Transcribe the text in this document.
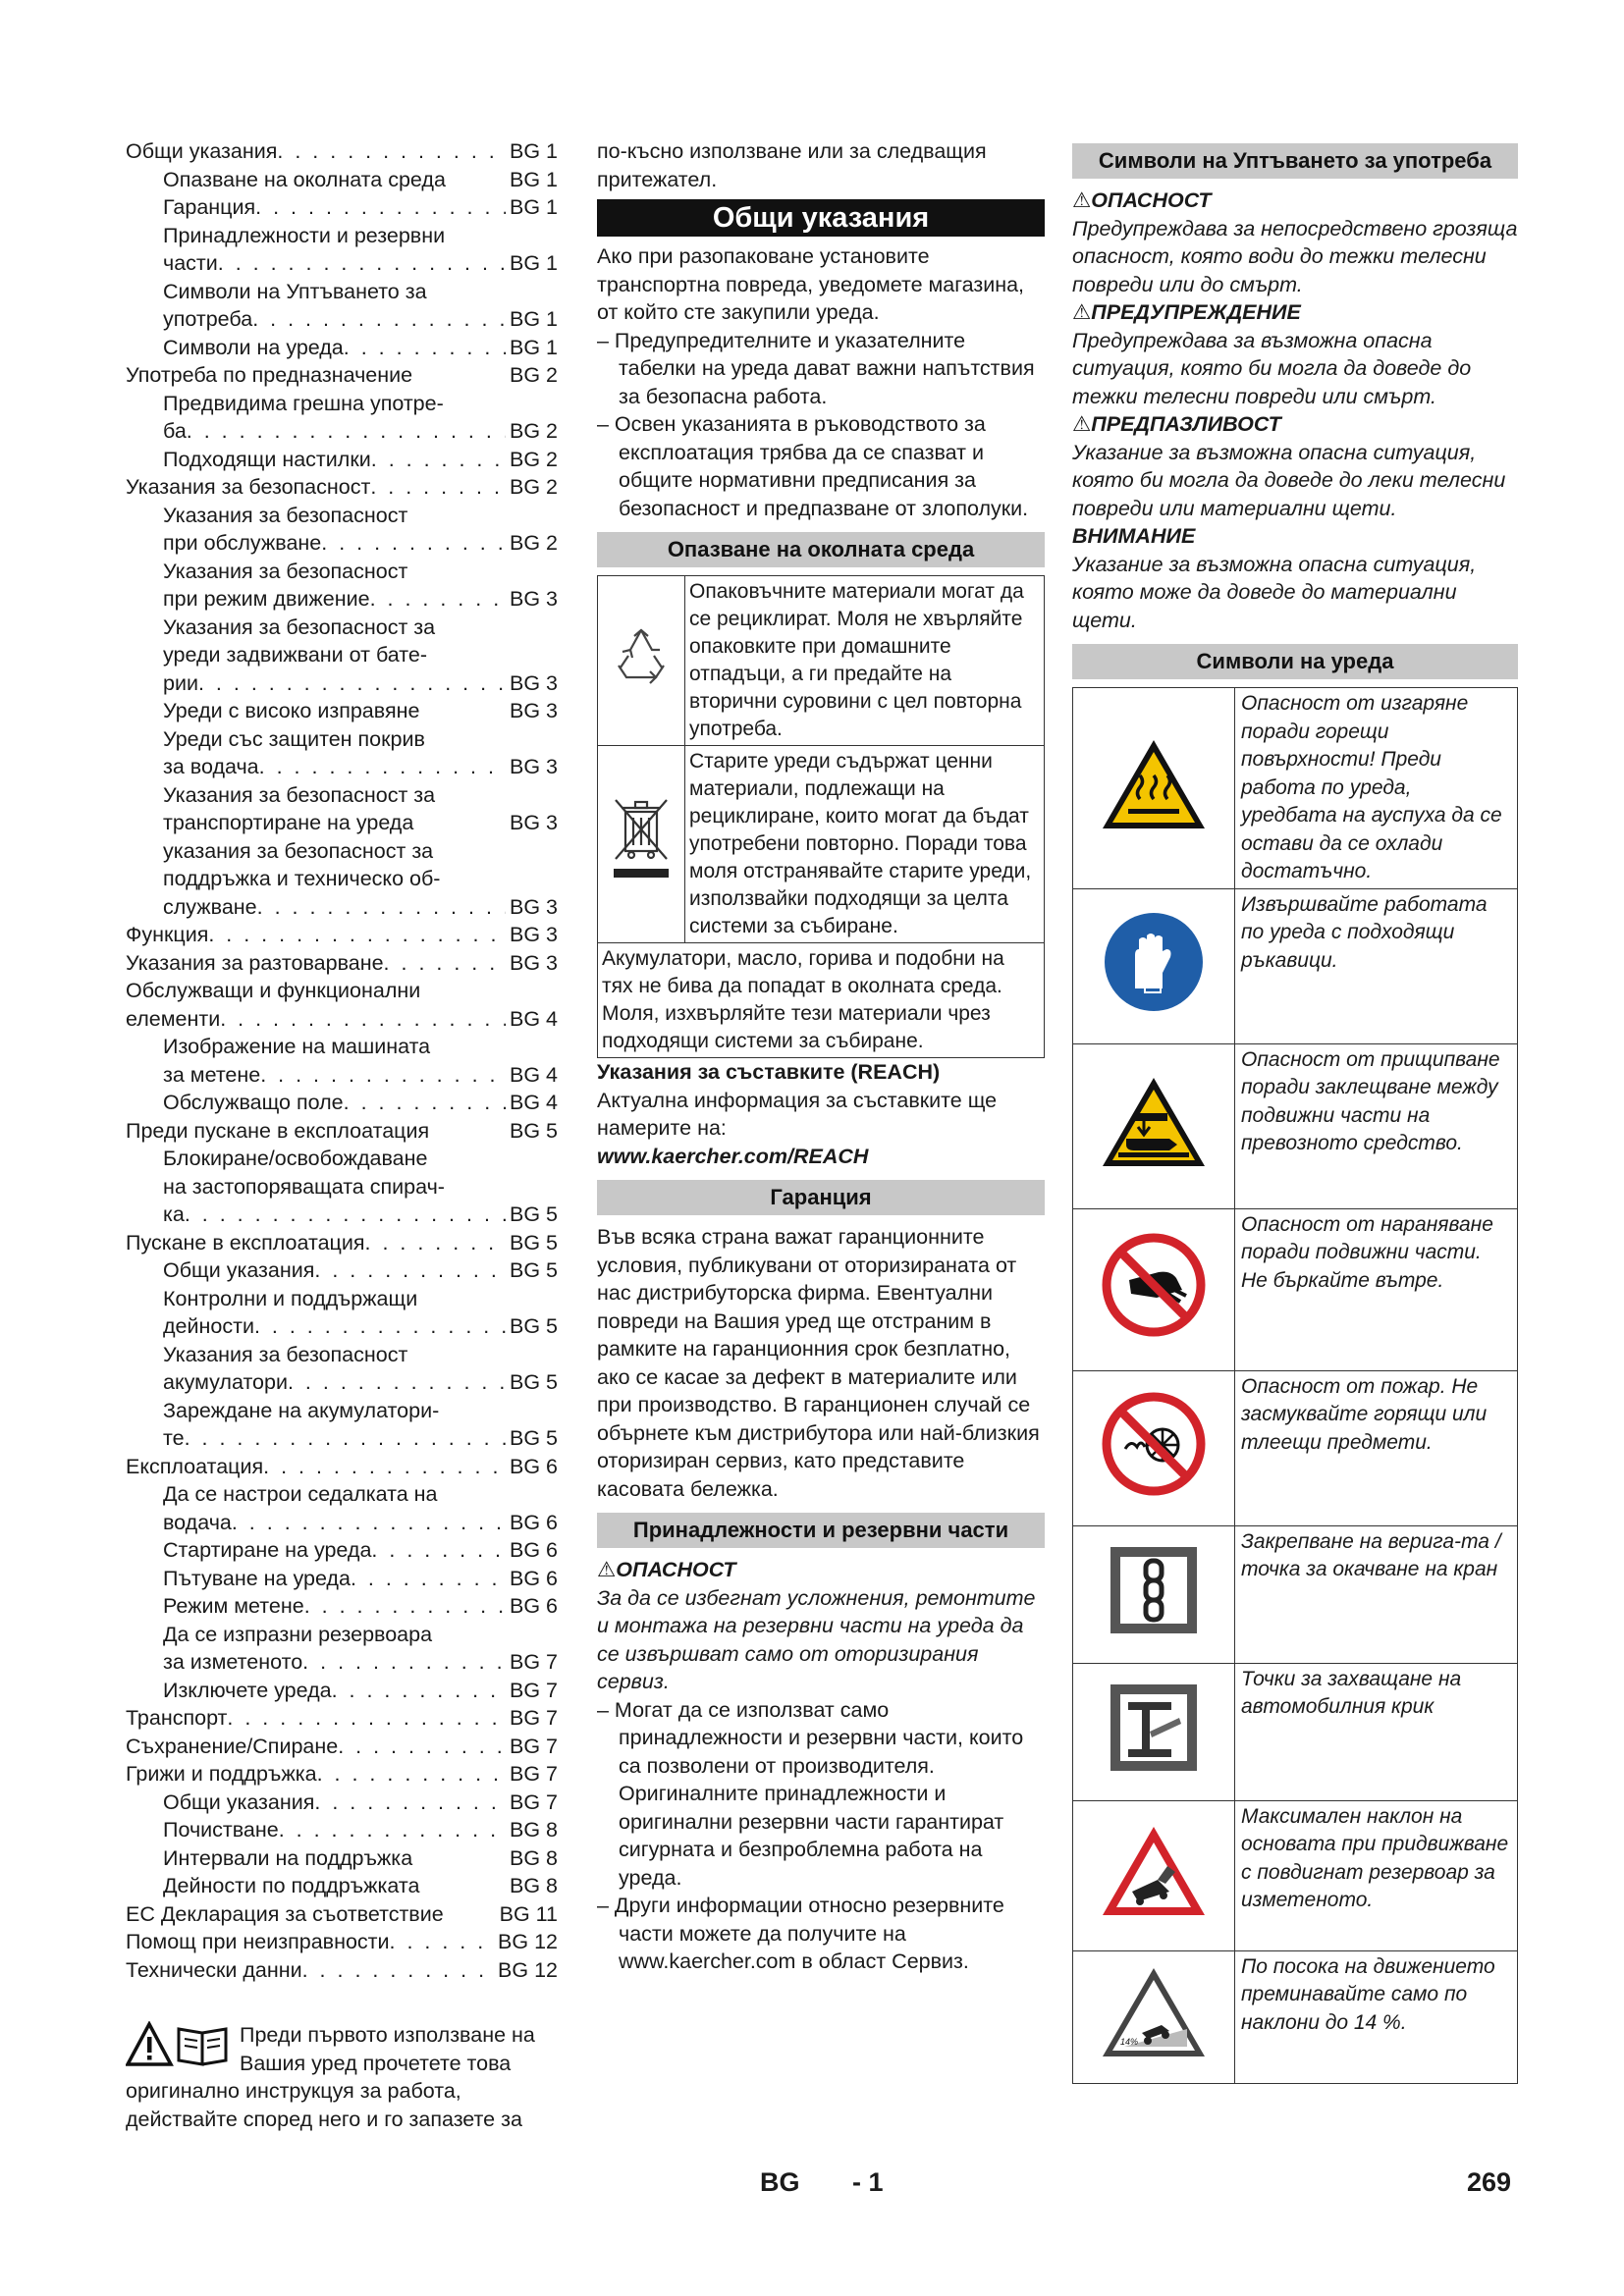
Общи указания . . .	BG 1
Опазване на околната среда	BG 1
Гаранция . . .	BG 1
Принадлежности и резервни
части . . .	BG 1
Символи на Уптъването за
употреба . . .	BG 1
Символи на уреда . . .	BG 1
Употреба по предназначение	BG 2
Предвидима грешна употре-
ба . . .	BG 2
Подходящи настилки . . .	BG 2
Указания за безопасност . . .	BG 2
Указания за безопасност
при обслужване . . .	BG 2
Указания за безопасност
при режим движение . . .	BG 3
Указания за безопасност за
уреди задвижвани от бате-
рии . . .	BG 3
Уреди с високо изправяне	BG 3
Уреди със защитен покрив
за водача . . .	BG 3
Указания за безопасност за
транспортиране на уреда	BG 3
указания за безопасност за
поддръжка и техническо об-
служване . . .	BG 3
Функция . . .	BG 3
Указания за разтоварване . . .	BG 3
Обслужващи и функционални
елементи . . .	BG 4
Изображение на машината
за метене . . .	BG 4
Обслужващо поле . . .	BG 4
Преди пускане в експлоатация	BG 5
Блокиране/освобождаване
на застопоряващата спирач-
ка . . .	BG 5
Пускане в експлоатация . . .	BG 5
Общи указания . . .	BG 5
Контролни и поддържащи
дейности . . .	BG 5
Указания за безопасност
акумулатори . . .	BG 5
Зареждане на акумулатори-
те . . .	BG 5
Експлоатация . . .	BG 6
Да се настрои седалката на
водача . . .	BG 6
Стартиране на уреда . . .	BG 6
Пътуване на уреда . . .	BG 6
Режим метене . . .	BG 6
Да се изпразни резервоара
за изметеното . . .	BG 7
Изключете уреда . . .	BG 7
Транспорт . . .	BG 7
Съхранение/Спиране . . .	BG 7
Грижи и поддръжка . . .	BG 7
Общи указания . . .	BG 7
Почистване . . .	BG 8
Интервали на поддръжка	BG 8
Дейности по поддръжката	BG 8
ЕС Декларация за съответствие	BG 11
Помощ при неизправности . . .	BG 12
Технически данни . . .	BG 12
Преди първото използване на Вашия уред прочетете това оригинално инструкцуя за работа, действайте според него и го запазете за

по-късно използване или за следващия притежател.

Общи указания

Ако при разопаковане установите транспортна повреда, уведомете магазина, от който сте закупили уреда.

– Предупредителните и указателните табелки на уреда дават важни напътствия за безопасна работа.

– Освен указанията в ръководството за експлоатация трябва да се спазват и общите нормативни предписания за безопасност и предпазване от злополуки.

Опазване на околната среда
	Опаковъчните материали могат да се рециклират. Моля не хвърляйте опаковките при домашните отпадъци, а ги предайте на вторични суровини с цел повторна употреба.
	Старите уреди съдържат ценни материали, подлежащи на рециклиране, които могат да бъдат употребени повторно. Поради това моля отстранявайте старите уреди, използвайки подходящи за целта системи за събиране.
Акумулатори, масло, горива и подобни на тях не бива да попадат в околната среда. Моля, изхвърляйте тези материали чрез подходящи системи за събиране.	

Указания за съставките (REACH)

Актуална информация за съставките ще намерите на:

www.kaercher.com/REACH

Гаранция

Във всяка страна важат гаранционните условия, публикувани от оторизираната от нас дистрибуторска фирма. Евентуални повреди на Вашия уред ще отстраним в рамките на гаранционния срок безплатно, ако се касае за дефект в материалите или при производство. В гаранционен случай се обърнете към дистрибутора или най-близкия оторизиран сервиз, като представите касовата бележка.

Принадлежности и резервни части

⚠ОПАСНОСТ

За да се избегнат усложнения, ремонтите и монтажа на резервни части на уреда да се извършват само от оторизирания сервиз.

– Могат да се използват само принадлежности и резервни части, които са позволени от производителя. Оригиналните принадлежности и оригинални резервни части гарантират сигурната и безпроблемна работа на уреда.

– Други информации относно резервните части можете да получите на www.kaercher.com в област Сервиз.

Символи на Уптъването за употреба

⚠ОПАСНОСТ

Предупреждава за непосредствено грозяща опасност, която води до тежки телесни повреди или до смърт.

⚠ПРЕДУПРЕЖДЕНИЕ

Предупреждава за възможна опасна ситуация, която би могла да доведе до тежки телесни повреди или смърт.

⚠ПРЕДПАЗЛИВОСТ

Указание за възможна опасна ситуация, която би могла да доведе до леки телесни повреди или материални щети.

ВНИМАНИЕ

Указание за възможна опасна ситуация, която може да доведе до материални щети.

Символи на уреда
	Опасност от изгаряне поради горещи повърхности! Преди работа по уреда, уредбата на ауспуха да се остави да се охлади достатъчно.
	Извършвайте работата по уреда с подходящи ръкавици.
	Опасност от прищипване поради заклещване между подвижни части на превозното средство.
	Опасност от нараняване поради подвижни части. Не бъркайте вътре.
	Опасност от пожар. Не засмуквайте горящи или тлеещи предмети.
	Закрепване на верига-та / точка за окачване на кран
	Точки за захващане на автомобилния крик
	Максимален наклон на основата при придвижване с повдигнат резервоар за изметеното.

14%	По посока на движението преминавайте само по наклони до 14 %.
BG - 1	269
